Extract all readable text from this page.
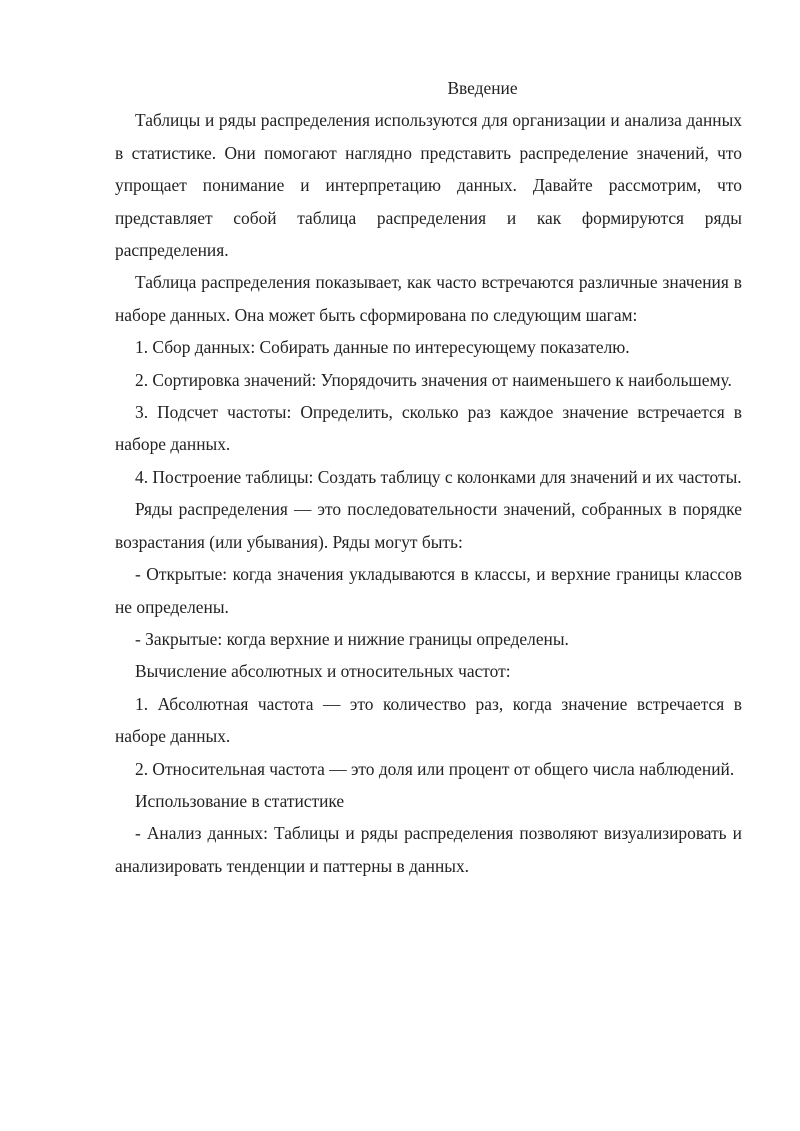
Введение

Таблицы и ряды распределения используются для организации и анализа данных в статистике. Они помогают наглядно представить распределение значений, что упрощает понимание и интерпретацию данных. Давайте рассмотрим, что представляет собой таблица распределения и как формируются ряды распределения.

Таблица распределения показывает, как часто встречаются различные значения в наборе данных. Она может быть сформирована по следующим шагам:

1. Сбор данных: Собирать данные по интересующему показателю.

2. Сортировка значений: Упорядочить значения от наименьшего к наибольшему.

3. Подсчет частоты: Определить, сколько раз каждое значение встречается в наборе данных.

4. Построение таблицы: Создать таблицу с колонками для значений и их частоты.

Ряды распределения — это последовательности значений, собранных в порядке возрастания (или убывания). Ряды могут быть:

- Открытые: когда значения укладываются в классы, и верхние границы классов не определены.

- Закрытые: когда верхние и нижние границы определены.

Вычисление абсолютных и относительных частот:

1. Абсолютная частота — это количество раз, когда значение встречается в наборе данных.

2. Относительная частота — это доля или процент от общего числа наблюдений.

Использование в статистике

- Анализ данных: Таблицы и ряды распределения позволяют визуализировать и анализировать тенденции и паттерны в данных.
